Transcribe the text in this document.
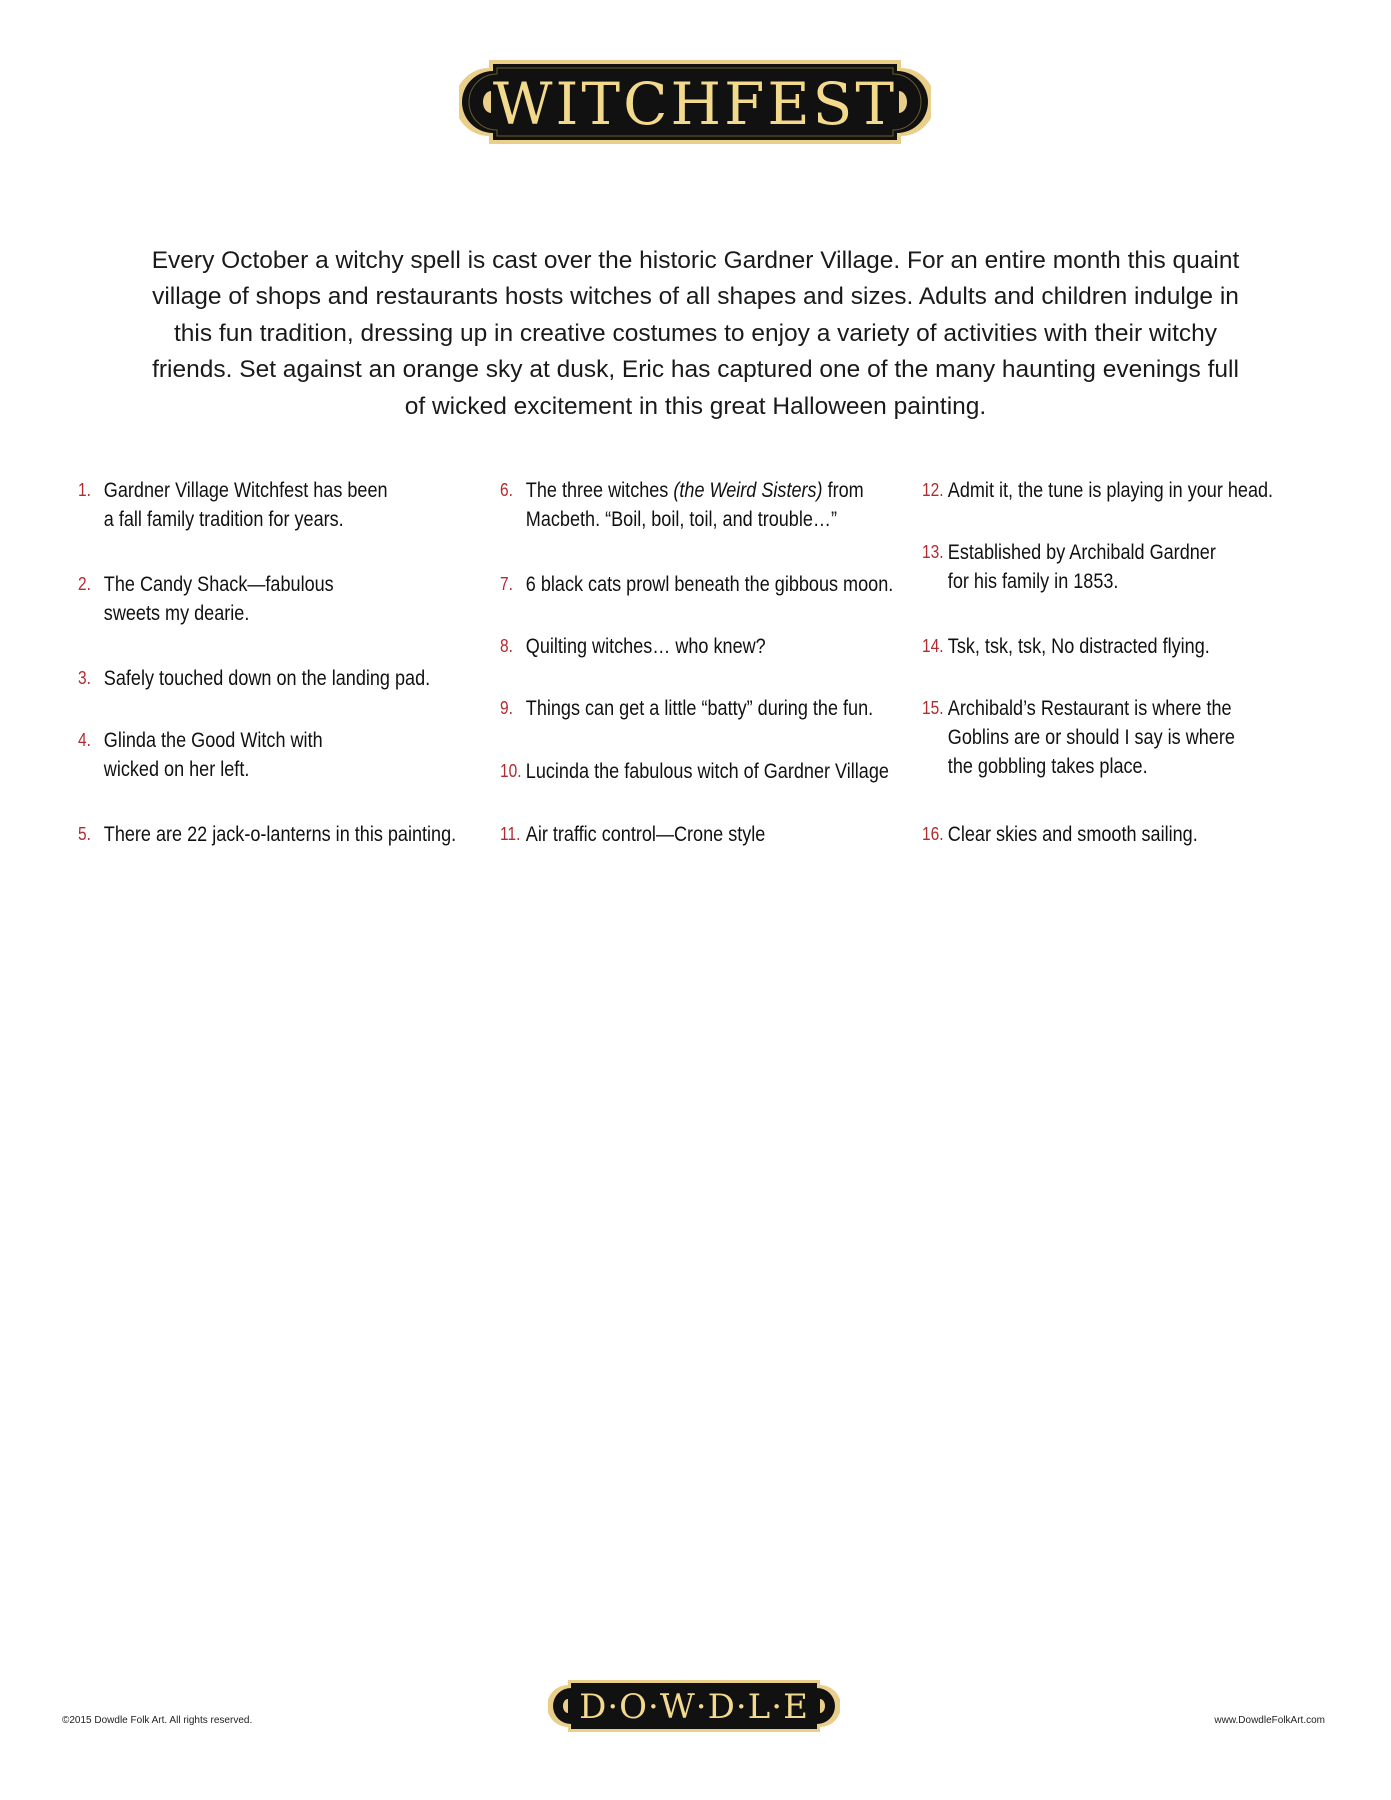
WITCHFEST

Every October a witchy spell is cast over the historic Gardner Village. For an entire month this quaint village of shops and restaurants hosts witches of all shapes and sizes. Adults and children indulge in this fun tradition, dressing up in creative costumes to enjoy a variety of activities with their witchy friends. Set against an orange sky at dusk, Eric has captured one of the many haunting evenings full of wicked excitement in this great Halloween painting.

1. Gardner Village Witchfest has been
a fall family tradition for years.
2. The Candy Shack—fabulous
sweets my dearie.
3. Safely touched down on the landing pad.
4. Glinda the Good Witch with
wicked on her left.
5. There are 22 jack-o-lanterns in this painting.
6. The three witches (the Weird Sisters) from
Macbeth. “Boil, boil, toil, and trouble…”
7. 6 black cats prowl beneath the gibbous moon.
8. Quilting witches… who knew?
9. Things can get a little “batty” during the fun.
10. Lucinda the fabulous witch of Gardner Village
11. Air traffic control—Crone style
12. Admit it, the tune is playing in your head.
13. Established by Archibald Gardner
for his family in 1853.
14. Tsk, tsk, tsk, No distracted flying.
15. Archibald’s Restaurant is where the
Goblins are or should I say is where
the gobbling takes place.
16. Clear skies and smooth sailing.
D·O·W·D·L·E
©2015 Dowdle Folk Art. All rights reserved.	www.DowdleFolkArt.com
